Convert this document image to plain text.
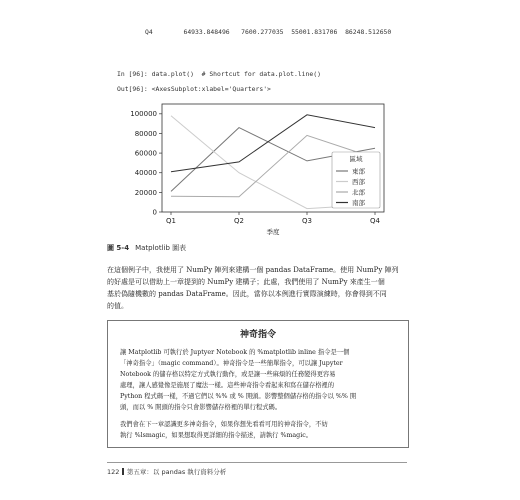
Q4        64933.848496   7600.277035  55001.831706  86248.512650
In [96]: data.plot()  # Shortcut for data.plot.line()
Out[96]: <AxesSubplot:xlabel='Quarters'>
0
20000
40000
60000
80000
100000
Q1	Q2	Q3	Q4
季度
區域
東部
西部
北部
南部
圖 5-4 Matplotlib 圖表
在這個例子中，我使用了 NumPy 陣列來建構一個 pandas DataFrame。使用 NumPy 陣列
的好處是可以借助上一章提到的 NumPy 建構子；此處，我們使用了 NumPy 來產生一個
基於偽隨機數的 pandas DataFrame。因此，當你以本例進行實際演練時，你會得到不同
的值。
神奇指令
讓 Matplotlib 可執行於 Juptyer Notebook 的 %matplotlib inline 指令是一個
「神奇指令」（magic command）。神奇指令是一些簡單指令，可以讓 Jupyter
Notebook 的儲存格以特定方式執行動作，或是讓一些麻煩的任務變得更容易
處理，讓人感覺像是施展了魔法一樣。這些神奇指令看起來和寫在儲存格裡的
Python 程式碼一樣，不過它們以 %% 或 % 開頭。影響整個儲存格的指令以 %% 開
頭，而以 % 開頭的指令只會影響儲存格裡的單行程式碼。
我們會在下一章認識更多神奇指令，如果你想先看看可用的神奇指令，不妨
執行 %lsmagic，如果想取得更詳細的指令描述，請執行 %magic。
122 第五章：以 pandas 執行資料分析
